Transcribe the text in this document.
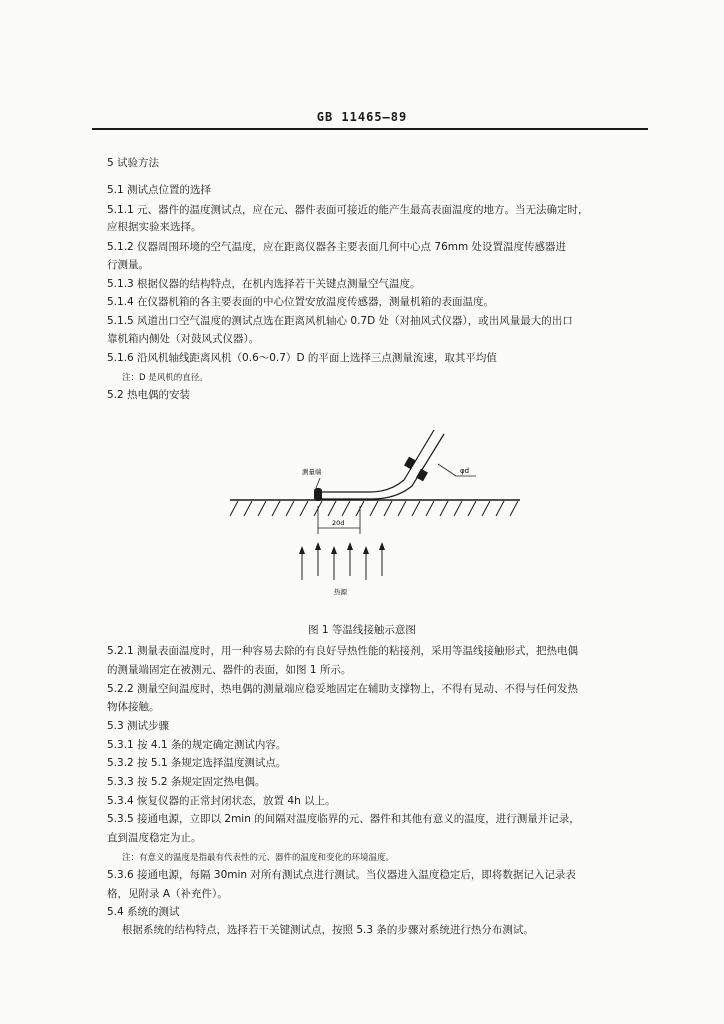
GB 11465—89
5 试验方法
5.1 测试点位置的选择
5.1.1 元、器件的温度测试点，应在元、器件表面可接近的能产生最高表面温度的地方。当无法确定时，
应根据实验来选择。
5.1.2 仪器周围环境的空气温度，应在距离仪器各主要表面几何中心点 76mm 处设置温度传感器进
行测量。
5.1.3 根据仪器的结构特点，在机内选择若干关键点测量空气温度。
5.1.4 在仪器机箱的各主要表面的中心位置安放温度传感器，测量机箱的表面温度。
5.1.5 风道出口空气温度的测试点选在距离风机轴心 0.7D 处（对抽风式仪器），或出风量最大的出口
靠机箱内侧处（对鼓风式仪器）。
5.1.6 沿风机轴线距离风机（0.6～0.7）D 的平面上选择三点测量流速，取其平均值
注：D 是风机的直径。
5.2 热电偶的安装
测量端	φd
20d
热源
图 1 等温线接触示意图
5.2.1 测量表面温度时，用一种容易去除的有良好导热性能的粘接剂，采用等温线接触形式，把热电偶
的测量端固定在被测元、器件的表面，如图 1 所示。
5.2.2 测量空间温度时，热电偶的测量端应稳妥地固定在辅助支撑物上，不得有晃动、不得与任何发热
物体接触。
5.3 测试步骤
5.3.1 按 4.1 条的规定确定测试内容。
5.3.2 按 5.1 条规定选择温度测试点。
5.3.3 按 5.2 条规定固定热电偶。
5.3.4 恢复仪器的正常封闭状态，放置 4h 以上。
5.3.5 接通电源，立即以 2min 的间隔对温度临界的元、器件和其他有意义的温度，进行测量并记录，
直到温度稳定为止。
注：有意义的温度是指最有代表性的元、器件的温度和变化的环境温度。
5.3.6 接通电源，每隔 30min 对所有测试点进行测试。当仪器进入温度稳定后，即将数据记入记录表
格，见附录 A（补充件）。
5.4 系统的测试
根据系统的结构特点，选择若干关键测试点，按照 5.3 条的步骤对系统进行热分布测试。
